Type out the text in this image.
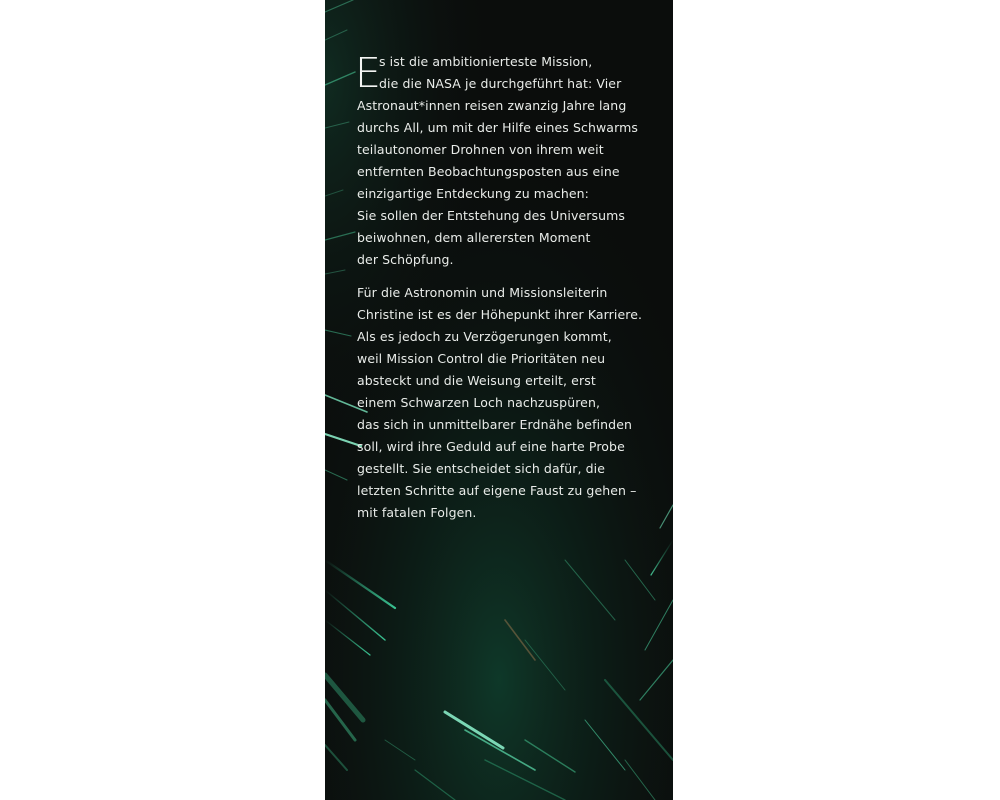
E

s ist die ambitionierteste Mission,
die die NASA je durchgeführt hat: Vier
Astronaut*innen reisen zwanzig Jahre lang
durchs All, um mit der Hilfe eines Schwarms
teilautonomer Drohnen von ihrem weit
entfernten Beobachtungsposten aus eine
einzigartige Entdeckung zu machen:
Sie sollen der Entstehung des Universums
beiwohnen, dem allerersten Moment
der Schöpfung.

Für die Astronomin und Missionsleiterin
Christine ist es der Höhepunkt ihrer Karriere.
Als es jedoch zu Verzögerungen kommt,
weil Mission Control die Prioritäten neu
absteckt und die Weisung erteilt, erst
einem Schwarzen Loch nachzuspüren,
das sich in unmittelbarer Erdnähe befinden
soll, wird ihre Geduld auf eine harte Probe
gestellt. Sie entscheidet sich dafür, die
letzten Schritte auf eigene Faust zu gehen –
mit fatalen Folgen.
